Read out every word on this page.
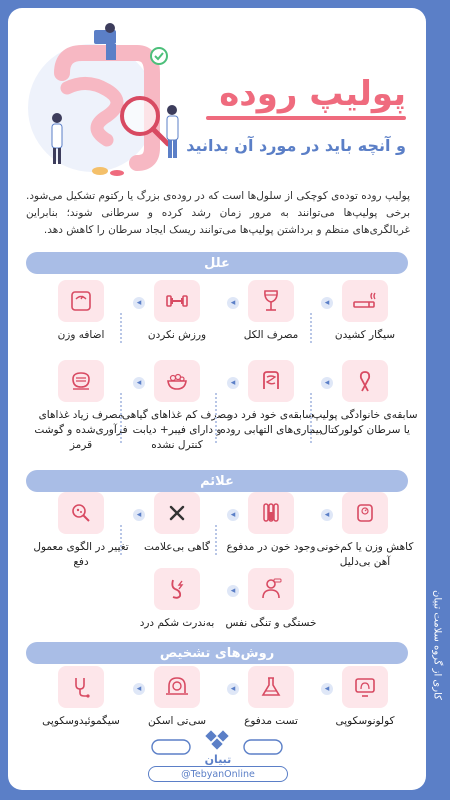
پولیپ روده
و آنچه باید در مورد آن بدانید
پولیپ روده توده‌ی کوچکی از سلول‌ها است که در روده‌ی بزرگ یا رکتوم تشکیل می‌شود. برخی پولیپ‌ها می‌توانند به مرور زمان رشد کرده و سرطانی شوند؛ بنابراین غربالگری‌های منظم و برداشتن پولیپ‌ها می‌توانند ریسک ایجاد سرطان را کاهش دهد.
علل
سیگار کشیدن
مصرف الکل
ورزش نکردن
اضافه وزن
◂
◂
◂
سابقه‌ی خانوادگی پولیپ یا سرطان کولورکتال
سابقه‌ی خود فرد در بیماری‌های التهابی روده
مصرف کم غذاهای گیاهی و دارای فیبر+ دیابت کنترل نشده
مصرف زیاد غذاهای فرآوری‌شده و گوشت قرمز
◂
◂
◂
علائم
کاهش وزن یا کم‌خونی آهن بی‌دلیل
وجود خون در مدفوع
گاهی بی‌علامت
تغییر در الگوی معمول دفع
◂
◂
◂
خستگی و تنگی نفس
به‌ندرت شکم درد
◂
روش‌های تشخیص
کولونوسکوپی
تست مدفوع
سی‌تی اسکن
سیگموئیدوسکوپی
◂
◂
◂
تبیان
@TebyanOnline
کاری از گروه سلامت تبیان
